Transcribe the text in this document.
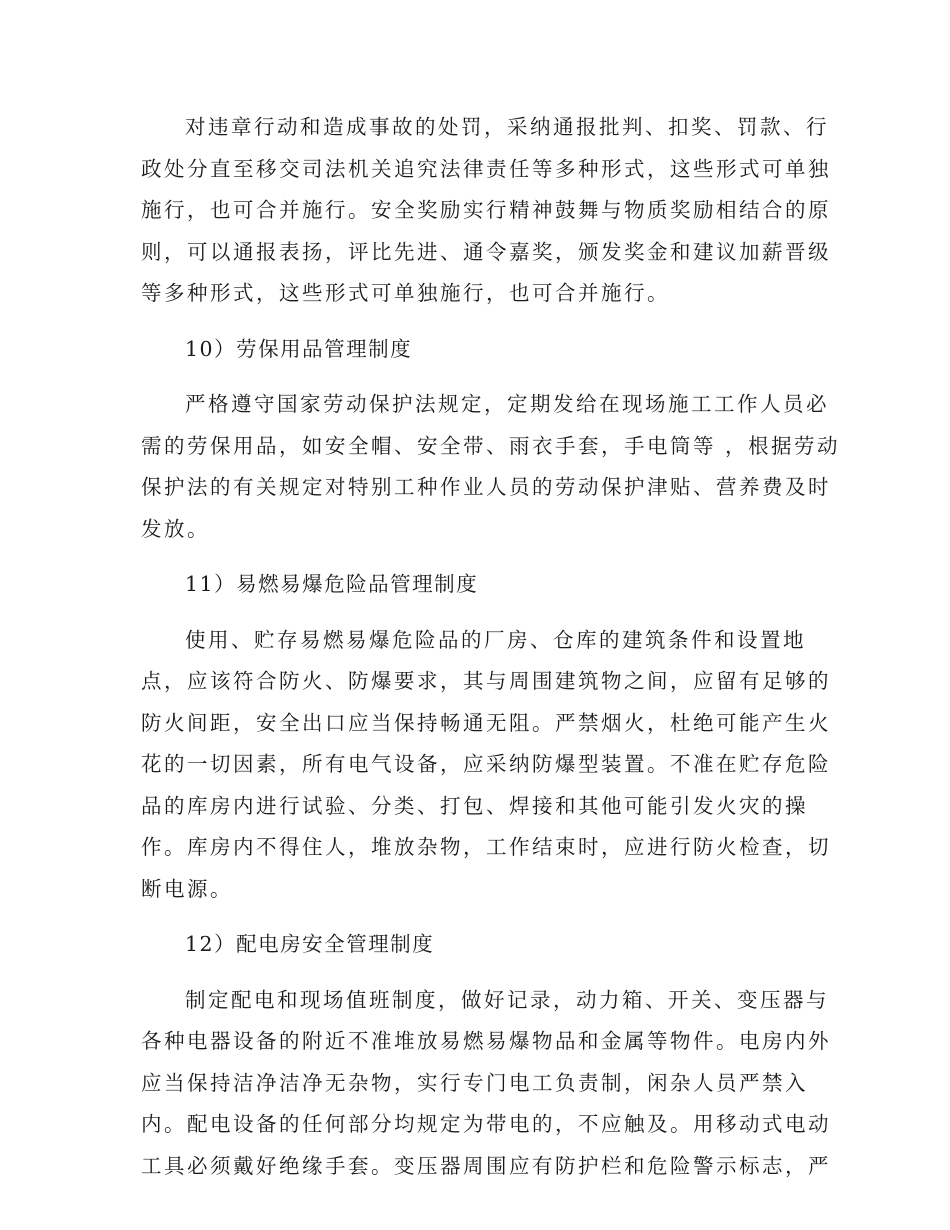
对违章行动和造成事故的处罚，采纳通报批判、扣奖、罚款、行
政处分直至移交司法机关追究法律责任等多种形式，这些形式可单独
施行，也可合并施行。安全奖励实行精神鼓舞与物质奖励相结合的原
则，可以通报表扬，评比先进、通令嘉奖，颁发奖金和建议加薪晋级
等多种形式，这些形式可单独施行，也可合并施行。

10）劳保用品管理制度

严格遵守国家劳动保护法规定，定期发给在现场施工工作人员必
需的劳保用品，如安全帽、安全带、雨衣手套，手电筒等 ，根据劳动
保护法的有关规定对特别工种作业人员的劳动保护津贴、营养费及时
发放。

11）易燃易爆危险品管理制度

使用、贮存易燃易爆危险品的厂房、仓库的建筑条件和设置地
点，应该符合防火、防爆要求，其与周围建筑物之间，应留有足够的
防火间距，安全出口应当保持畅通无阻。严禁烟火，杜绝可能产生火
花的一切因素，所有电气设备，应采纳防爆型装置。不准在贮存危险
品的库房内进行试验、分类、打包、焊接和其他可能引发火灾的操
作。库房内不得住人，堆放杂物，工作结束时，应进行防火检查，切
断电源。

12）配电房安全管理制度

制定配电和现场值班制度，做好记录，动力箱、开关、变压器与
各种电器设备的附近不准堆放易燃易爆物品和金属等物件。电房内外
应当保持洁净洁净无杂物，实行专门电工负责制，闲杂人员严禁入
内。配电设备的任何部分均规定为带电的，不应触及。用移动式电动
工具必须戴好绝缘手套。变压器周围应有防护栏和危险警示标志，严
